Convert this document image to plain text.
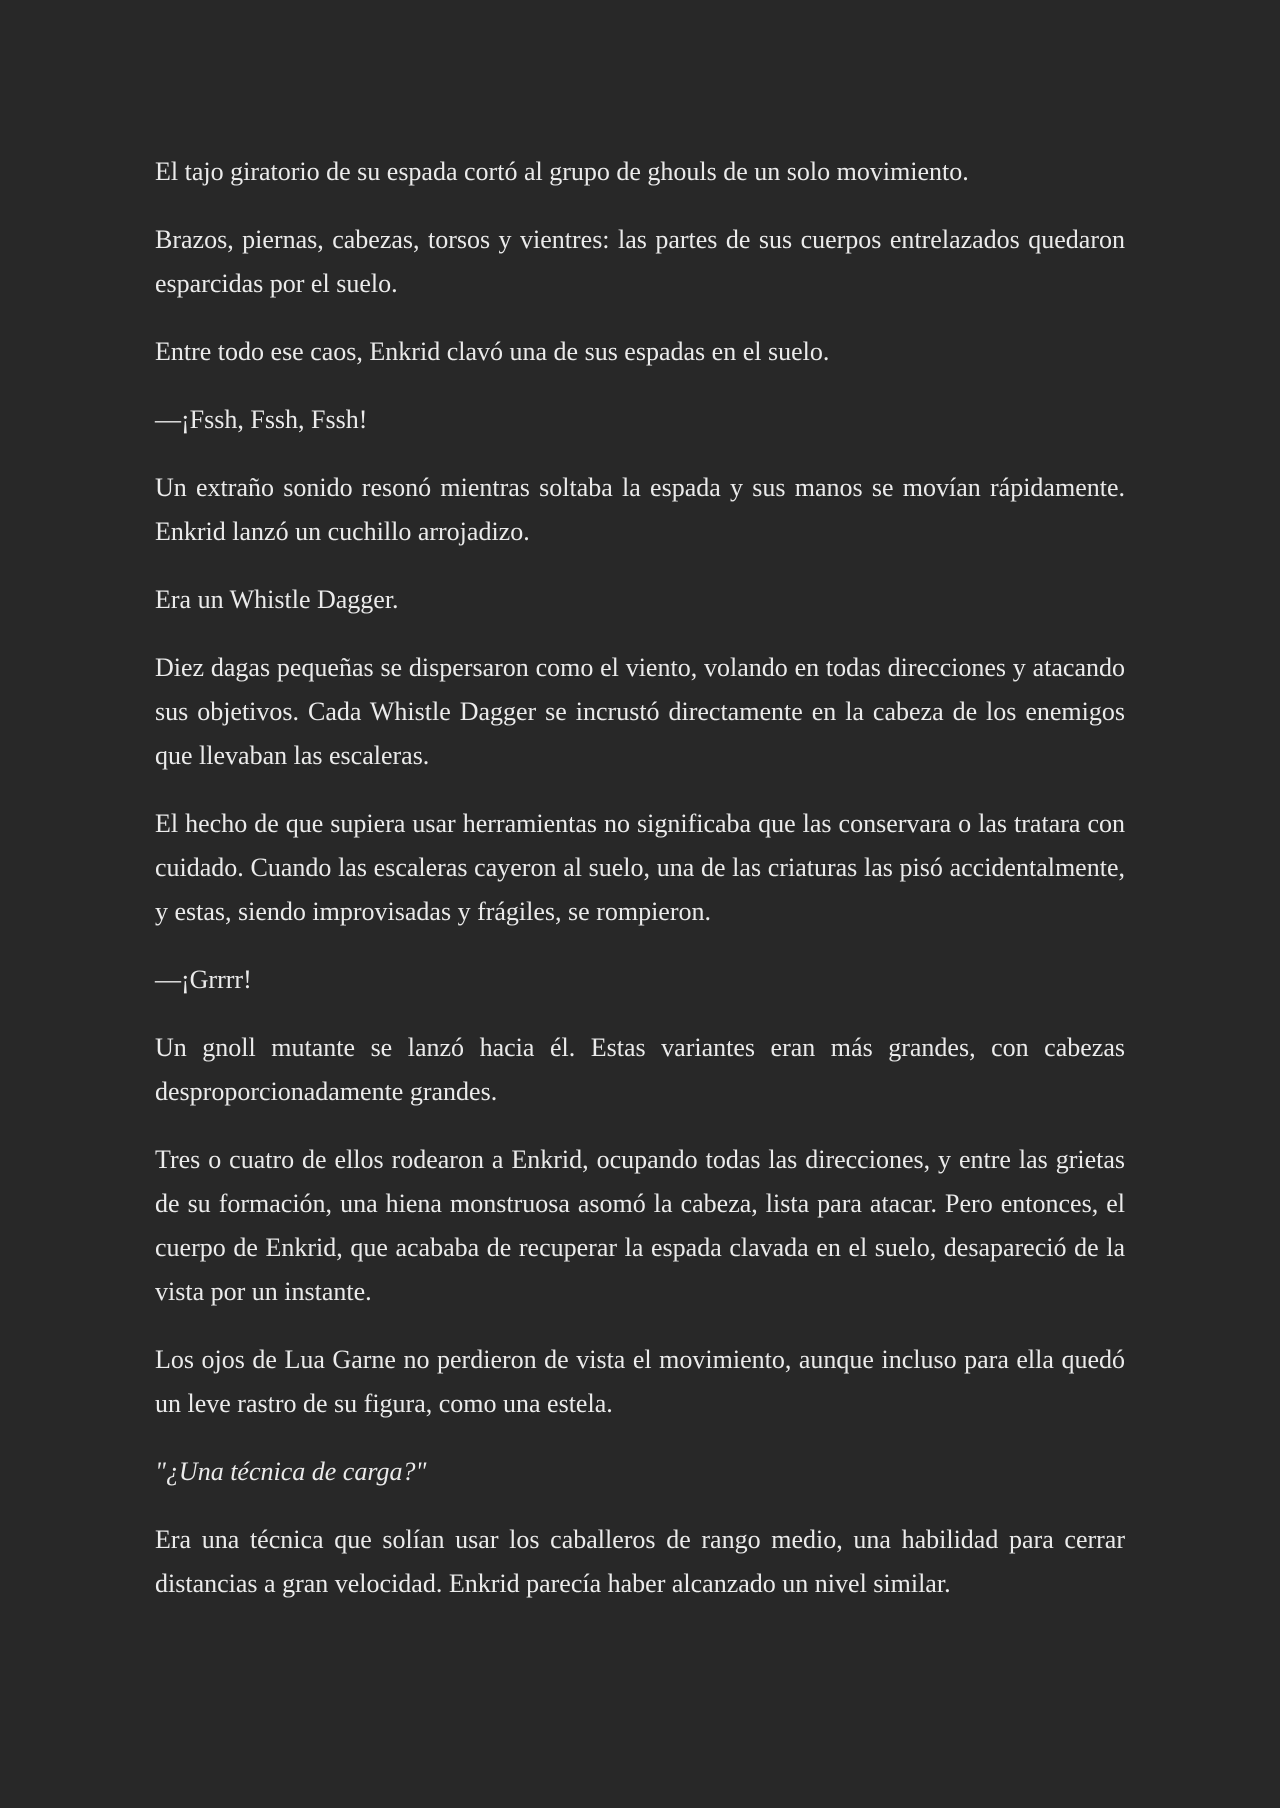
El tajo giratorio de su espada cortó al grupo de ghouls de un solo movimiento.

Brazos, piernas, cabezas, torsos y vientres: las partes de sus cuerpos entrelazados quedaron esparcidas por el suelo.

Entre todo ese caos, Enkrid clavó una de sus espadas en el suelo.

—¡Fssh, Fssh, Fssh!

Un extraño sonido resonó mientras soltaba la espada y sus manos se movían rápidamente. Enkrid lanzó un cuchillo arrojadizo.

Era un Whistle Dagger.

Diez dagas pequeñas se dispersaron como el viento, volando en todas direcciones y atacando sus objetivos. Cada Whistle Dagger se incrustó directamente en la cabeza de los enemigos que llevaban las escaleras.

El hecho de que supiera usar herramientas no significaba que las conservara o las tratara con cuidado. Cuando las escaleras cayeron al suelo, una de las criaturas las pisó accidentalmente, y estas, siendo improvisadas y frágiles, se rompieron.

—¡Grrrr!

Un gnoll mutante se lanzó hacia él. Estas variantes eran más grandes, con cabezas desproporcionadamente grandes.

Tres o cuatro de ellos rodearon a Enkrid, ocupando todas las direcciones, y entre las grietas de su formación, una hiena monstruosa asomó la cabeza, lista para atacar. Pero entonces, el cuerpo de Enkrid, que acababa de recuperar la espada clavada en el suelo, desapareció de la vista por un instante.

Los ojos de Lua Garne no perdieron de vista el movimiento, aunque incluso para ella quedó un leve rastro de su figura, como una estela.

"¿Una técnica de carga?"

Era una técnica que solían usar los caballeros de rango medio, una habilidad para cerrar distancias a gran velocidad. Enkrid parecía haber alcanzado un nivel similar.
